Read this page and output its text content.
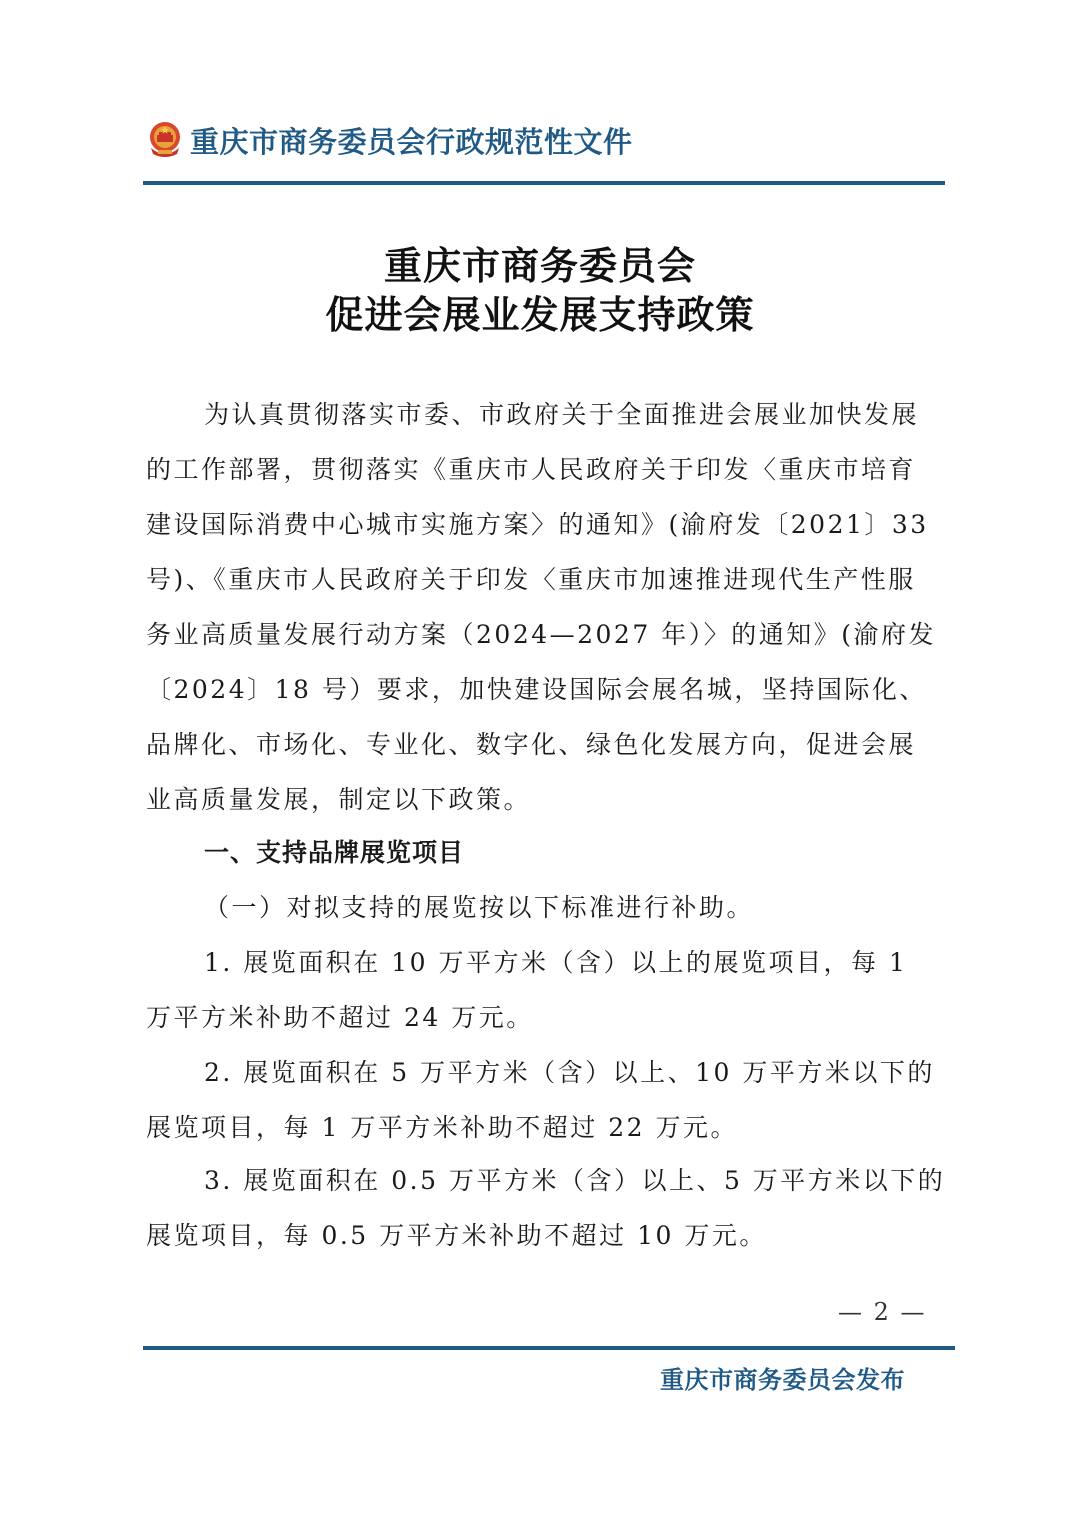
重庆市商务委员会行政规范性文件
重庆市商务委员会
促进会展业发展支持政策
为认真贯彻落实市委、市政府关于全面推进会展业加快发展
的工作部署，贯彻落实《重庆市人民政府关于印发〈重庆市培育
建设国际消费中心城市实施方案〉的通知》(渝府发〔2021〕33
号)、《重庆市人民政府关于印发〈重庆市加速推进现代生产性服
务业高质量发展行动方案（2024—2027 年）〉的通知》(渝府发
〔2024〕18 号）要求，加快建设国际会展名城，坚持国际化、
品牌化、市场化、专业化、数字化、绿色化发展方向，促进会展
业高质量发展，制定以下政策。
一、支持品牌展览项目
（一）对拟支持的展览按以下标准进行补助。
1. 展览面积在 10 万平方米（含）以上的展览项目，每 1
万平方米补助不超过 24 万元。
2. 展览面积在 5 万平方米（含）以上、10 万平方米以下的
展览项目，每 1 万平方米补助不超过 22 万元。
3. 展览面积在 0.5 万平方米（含）以上、5 万平方米以下的
展览项目，每 0.5 万平方米补助不超过 10 万元。
— 2 —
重庆市商务委员会发布
